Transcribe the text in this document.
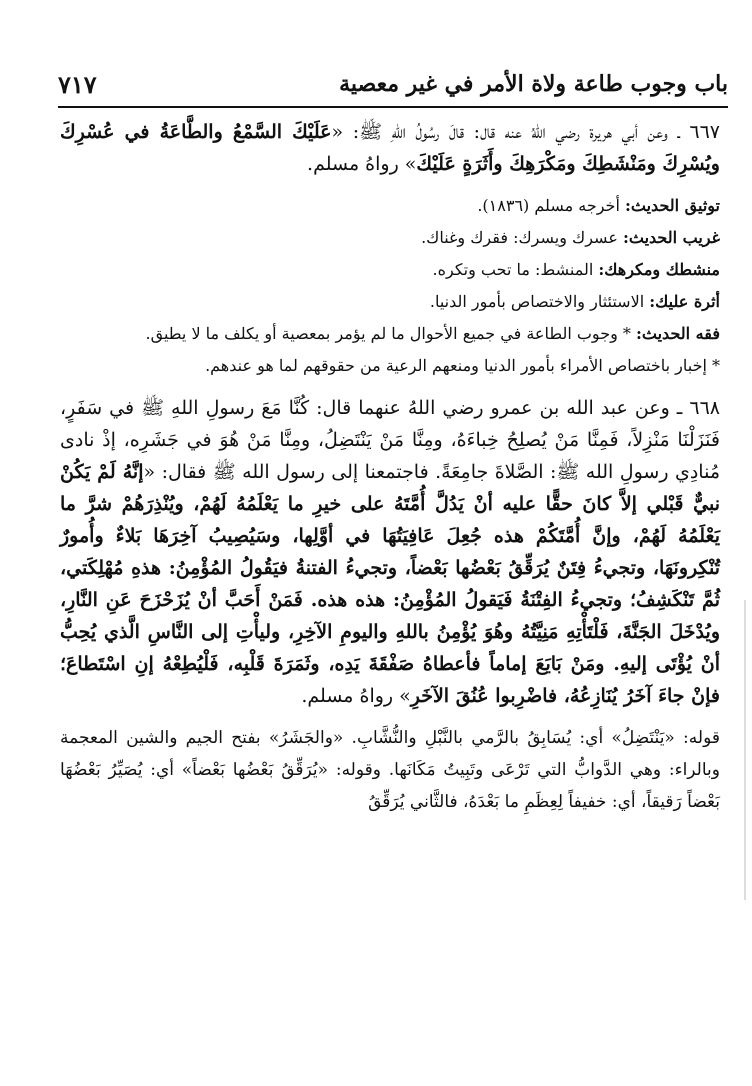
٧١٧	باب وجوب طاعة ولاة الأمر في غير معصية

٦٦٧ ـ وعن أبي هريرة رضي اللهُ عنه قال: قالَ رسُولُ اللهِ ﷺ: «عَلَيْكَ السَّمْعُ والطَّاعَةُ في عُسْرِكَ ويُسْرِكَ ومَنْشَطِكَ ومَكْرَهِكَ وأَثَرَةٍ عَلَيْكَ» رواهُ مسلم.

توثيق الحديث: أخرجه مسلم (١٨٣٦).

غريب الحديث: عسرك ويسرك: فقرك وغناك.

منشطك ومكرهك: المنشط: ما تحب وتكره.

أثرة عليك: الاستئثار والاختصاص بأمور الدنيا.

فقه الحديث: * وجوب الطاعة في جميع الأحوال ما لم يؤمر بمعصية أو يكلف ما لا يطيق.

* إخبار باختصاص الأمراء بأمور الدنيا ومنعهم الرعية من حقوقهم لما هو عندهم.

٦٦٨ ـ وعن عبد الله بن عمرو رضي اللهُ عنهما قال: كُنَّا مَعَ رسولِ اللهِ ﷺ في سَفَرٍ، فَنَزَلْنَا مَنْزِلاً، فَمِنَّا مَنْ يُصلِحُ خِباءَهُ، ومِنَّا مَنْ يَنْتَضِلُ، ومِنَّا مَنْ هُوَ في جَشَرِه، إذْ نادى مُنادِي رسولِ الله ﷺ: الصَّلاةَ جامِعَةً. فاجتمعنا إلى رسول الله ﷺ فقال: «إنَّهُ لَمْ يَكُنْ نبيٌّ قَبْلي إلاَّ كانَ حقًّا عليه أنْ يَدُلَّ أُمَّتَهُ على خيرِ ما يَعْلَمُهُ لَهُمْ، ويُنْذِرَهُمْ شرَّ ما يَعْلَمُهُ لَهُمْ، وإنَّ أُمَّتَكُمْ هذه جُعِلَ عَافِيَتُهَا في أوَّلِها، وسَيُصِيبُ آخِرَهَا بَلاءٌ وأُمورٌ تُنْكِرونَهَا، وتجيءُ فِتَنٌ يُرَقِّقُ بَعْضُها بَعْضاً، وتجيءُ الفتنةُ فيَقُولُ المُؤْمِنُ: هذهِ مُهْلِكَتي، ثُمَّ تَنْكَشِفُ؛ وتجيءُ الفِتْنَةُ فَيَقولُ المُؤْمِنُ: هذه هذه. فَمَنْ أَحَبَّ أنْ يُزَحْزَحَ عَنِ النَّارِ، ويُدْخَلَ الجَنَّةَ، فَلْتَأْتِهِ مَنِيَّتُهُ وهُوَ يُؤْمِنُ باللهِ واليومِ الآخِرِ، وليأْتِ إلى النَّاسِ الَّذي يُحِبُّ أنْ يُؤْتَى إليهِ. ومَنْ بَايَعَ إماماً فأعطاهُ صَفْقَةَ يَدِه، وثَمَرَةَ قَلْبِه، فَلْيُطِعْهُ إنِ اسْتَطاعَ؛ فإنْ جاءَ آخَرُ يُنَازِعُهُ، فاضْرِبوا عُنُقَ الآخَرِ» رواهُ مسلم.

قوله: «يَنْتَضِلُ» أي: يُسَابِقُ بالرَّمي بالنَّبْلِ والنُّشَّابِ. «والجَشَرُ» بفتح الجيم والشين المعجمة وبالراء: وهي الدَّوابُّ التي تَرْعَى وتَبِيتُ مَكَانَها. وقوله: «يُرَقِّقُ بَعْضُها بَعْضاً» أي: يُصَيِّرُ بَعْضُهَا بَعْضاً رَقيقاً، أي: خفيفاً لِعِظَمِ ما بَعْدَهُ، فالثَّاني يُرَقِّقُ
